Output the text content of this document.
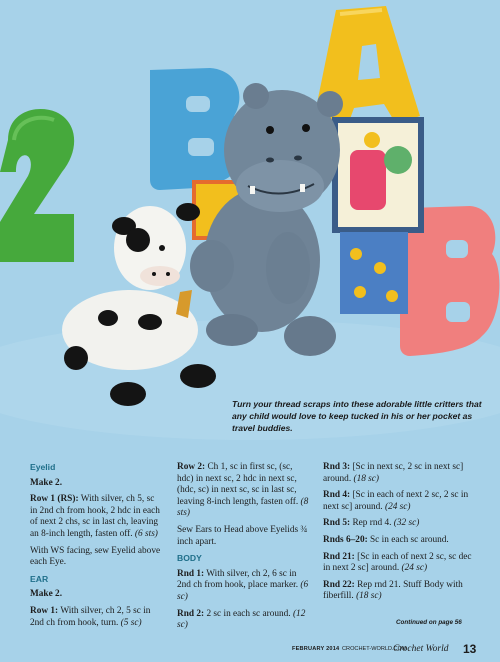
Turn your thread scraps into these adorable little critters that any child would love to keep tucked in his or her pocket as travel buddies.
Eyelid
Make 2.

Row 1 (RS): With silver, ch 5, sc in 2nd ch from hook, 2 hdc in each of next 2 chs, sc in last ch, leaving an 8-inch length, fasten off. (6 sts)

With WS facing, sew Eyelid above each Eye.

EAR
Make 2.

Row 1: With silver, ch 2, 5 sc in 2nd ch from hook, turn. (5 sc)

Row 2: Ch 1, sc in first sc, (sc, hdc) in next sc, 2 hdc in next sc, (hdc, sc) in next sc, sc in last sc, leaving 8-inch length, fasten off. (8 sts)

Sew Ears to Head above Eyelids ¾ inch apart.

BODY

Rnd 1: With silver, ch 2, 6 sc in 2nd ch from hook, place marker. (6 sc)

Rnd 2: 2 sc in each sc around. (12 sc)

Rnd 3: [Sc in next sc, 2 sc in next sc] around. (18 sc)

Rnd 4: [Sc in each of next 2 sc, 2 sc in next sc] around. (24 sc)

Rnd 5: Rep rnd 4. (32 sc)

Rnds 6–20: Sc in each sc around.

Rnd 21: [Sc in each of next 2 sc, sc dec in next 2 sc] around. (24 sc)

Rnd 22: Rep rnd 21. Stuff Body with fiberfill. (18 sc)

Continued on page 56
FEBRUARY 2014 CROCHET-WORLD.COM
Crochet World 13
